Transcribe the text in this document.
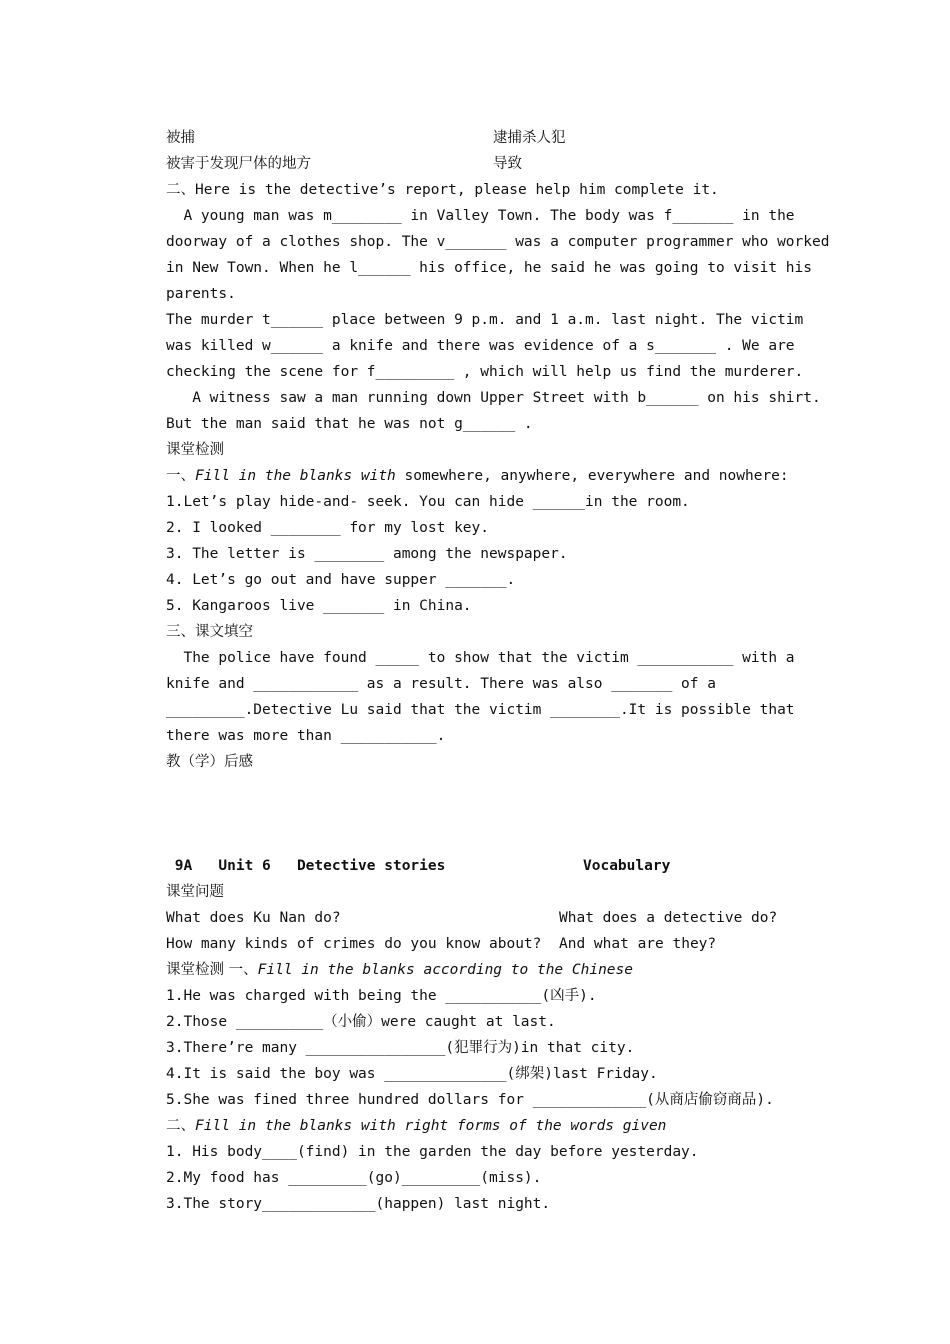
被捕	逮捕杀人犯
被害于发现尸体的地方	导致
二、Here is the detective’s report, please help him complete it.
A young man was m________ in Valley Town. The body was f_______ in the
doorway of a clothes shop. The v_______ was a computer programmer who worked
in New Town. When he l______ his office, he said he was going to visit his
parents.
The murder t______ place between 9 p.m. and 1 a.m. last night. The victim
was killed w______ a knife and there was evidence of a s_______ . We are
checking the scene for f_________ , which will help us find the murderer.
A witness saw a man running down Upper Street with b______ on his shirt.
But the man said that he was not g______ .
课堂检测
一、Fill in the blanks with somewhere, anywhere, everywhere and nowhere:
1.Let’s play hide-and- seek. You can hide ______in the room.
2. I looked ________ for my lost key.
3. The letter is ________ among the newspaper.
4. Let’s go out and have supper _______.
5. Kangaroos live _______ in China.
三、课文填空
The police have found _____ to show that the victim ___________ with a
knife and ____________ as a result. There was also _______ of a
_________.Detective Lu said that the victim ________.It is possible that
there was more than ___________.
教（学）后感
9A   Unit 6   Detective stories	Vocabulary
课堂问题
What does Ku Nan do?	What does a detective do?
How many kinds of crimes do you know about? And what are they?
课堂检测 一、Fill in the blanks according to the Chinese
1.He was charged with being the ___________(凶手).
2.Those __________（小偷）were caught at last.
3.There’re many ________________(犯罪行为)in that city.
4.It is said the boy was ______________(绑架)last Friday.
5.She was fined three hundred dollars for _____________(从商店偷窃商品).
二、Fill in the blanks with right forms of the words given
1. His body____(find) in the garden the day before yesterday.
2.My food has _________(go)_________(miss).
3.The story_____________(happen) last night.
